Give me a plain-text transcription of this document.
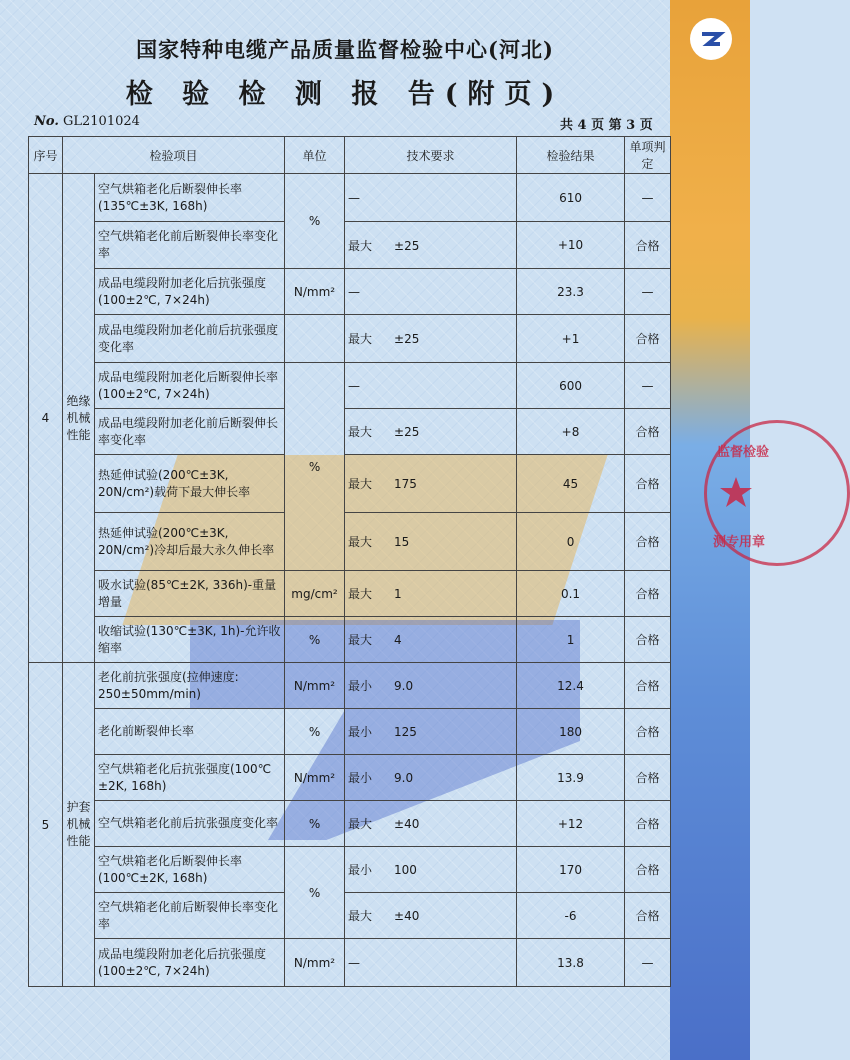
监督检验
测专用章
国家特种电缆产品质量监督检验中心(河北)
检 验 检 测 报 告(附页)
No. GL2101024	共 4 页 第 3 页
序号	检验项目		单位	技术要求	检验结果	单项判定
4	绝缘机械性能	空气烘箱老化后断裂伸长率(135℃±3K, 168h)	%	—	610	—
		空气烘箱老化前后断裂伸长率变化率		最大 ±25	+10	合格
		成品电缆段附加老化后抗张强度(100±2℃, 7×24h)	N/mm²	—	23.3	—
		成品电缆段附加老化前后抗张强度变化率		最大 ±25	+1	合格
		成品电缆段附加老化后断裂伸长率(100±2℃, 7×24h)	%	—	600	—
		成品电缆段附加老化前后断裂伸长率变化率		最大 ±25	+8	合格
		热延伸试验(200℃±3K, 20N/cm²)载荷下最大伸长率		最大 175	45	合格
		热延伸试验(200℃±3K, 20N/cm²)冷却后最大永久伸长率		最大 15	0	合格
		吸水试验(85℃±2K, 336h)-重量增量	mg/cm²	最大 1	0.1	合格
		收缩试验(130℃±3K, 1h)-允许收缩率	%	最大 4	1	合格
5	护套机械性能	老化前抗张强度(拉伸速度: 250±50mm/min)	N/mm²	最小 9.0	12.4	合格
		老化前断裂伸长率	%	最小 125	180	合格
		空气烘箱老化后抗张强度(100℃±2K, 168h)	N/mm²	最小 9.0	13.9	合格
		空气烘箱老化前后抗张强度变化率	%	最大 ±40	+12	合格
		空气烘箱老化后断裂伸长率(100℃±2K, 168h)	%	最小 100	170	合格
		空气烘箱老化前后断裂伸长率变化率		最大 ±40	-6	合格
		成品电缆段附加老化后抗张强度(100±2℃, 7×24h)	N/mm²	—	13.8	—
